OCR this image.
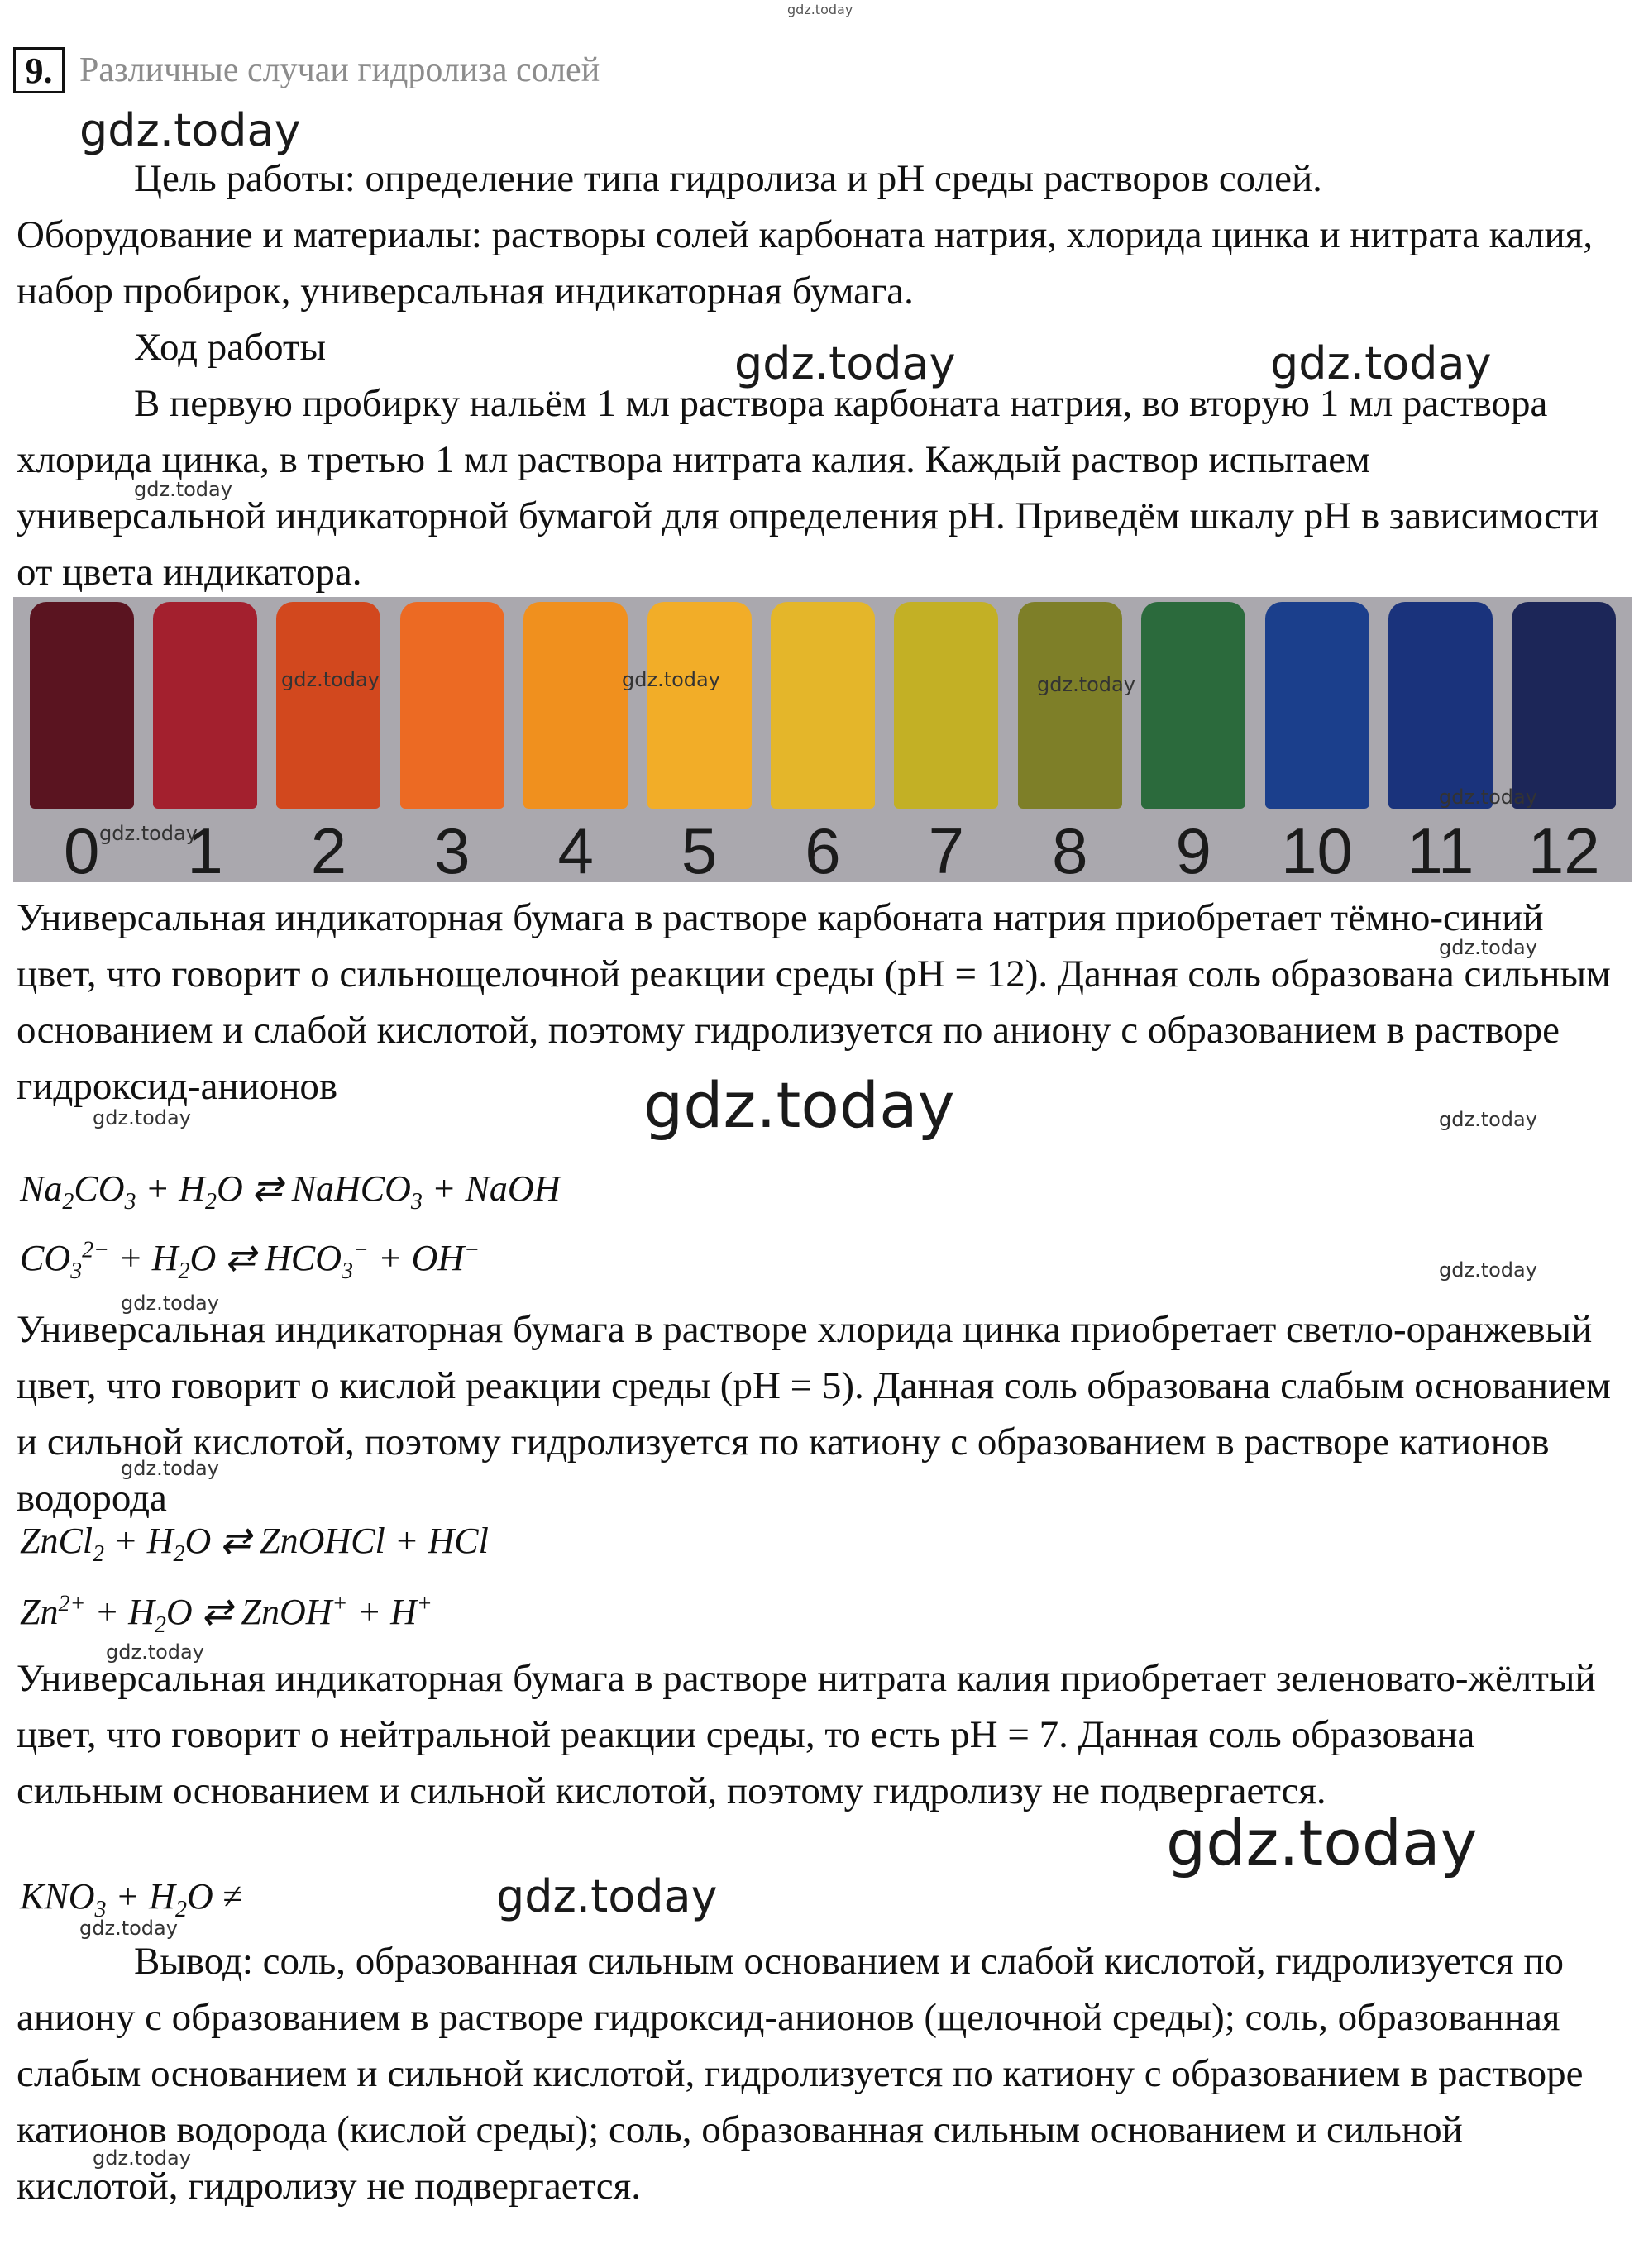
gdz.today
gdz.today
gdz.today	gdz.today
gdz.today
gdz.today
gdz.today
gdz.today	gdz.today
gdz.today
gdz.today
gdz.today
gdz.today
gdz.today
gdz.today
gdz.today
gdz.today
9. Различные случаи гидролиза солей

Цель работы: определение типа гидролиза и рН среды растворов солей.

Оборудование и материалы: растворы солей карбоната натрия, хлорида цинка и нитрата калия, набор пробирок, универсальная индикаторная бумага.

Ход работы

В первую пробирку нальём 1 мл раствора карбоната натрия, во вторую 1 мл раствора хлорида цинка, в третью 1 мл раствора нитрата калия. Каждый раствор испытаем универсальной индикаторной бумагой для определения рН. Приведём шкалу рН в зависимости от цвета индикатора.

0	1	2	3	4	5	6	7	8	9	10 11 12
gdz.today	gdz.today	gdz.today
gdz.today
gdz.today

Универсальная индикаторная бумага в растворе карбоната натрия приобретает тёмно-синий цвет, что говорит о сильнощелочной реакции среды (рН = 12). Данная соль образована сильным основанием и слабой кислотой, поэтому гидролизуется по аниону с образованием в растворе гидроксид-анионов

$Na_2CO_3 + H_2O$ ⇄ NaHCO$_3$ + NaOH
$CO_3^{2-} + H_2O$ ⇄ $HCO_3^- + OH^-$

Универсальная индикаторная бумага в растворе хлорида цинка приобретает светло-оранжевый цвет, что говорит о кислой реакции среды (рН = 5). Данная соль образована слабым основанием и сильной кислотой, поэтому гидролизуется по катиону с образованием в растворе катионов водорода

ZnCl$_2$ + $H_2O$ ⇄ ZnOHCl + HCl
$Zn^{2+} + H_2O$ ⇄ ZnOH+ + H+

Универсальная индикаторная бумага в растворе нитрата калия приобретает зеленовато-жёлтый цвет, что говорит о нейтральной реакции среды, то есть рН = 7. Данная соль образована сильным основанием и сильной кислотой, поэтому гидролизу не подвергается.

$KNO_3 + H_2O$ ≠

Вывод: соль, образованная сильным основанием и слабой кислотой, гидролизуется по аниону с образованием в растворе гидроксид-анионов (щелочной среды); соль, образованная слабым основанием и сильной кислотой, гидролизуется по катиону с образованием в растворе катионов водорода (кислой среды); соль, образованная сильным основанием и сильной кислотой, гидролизу не подвергается.
